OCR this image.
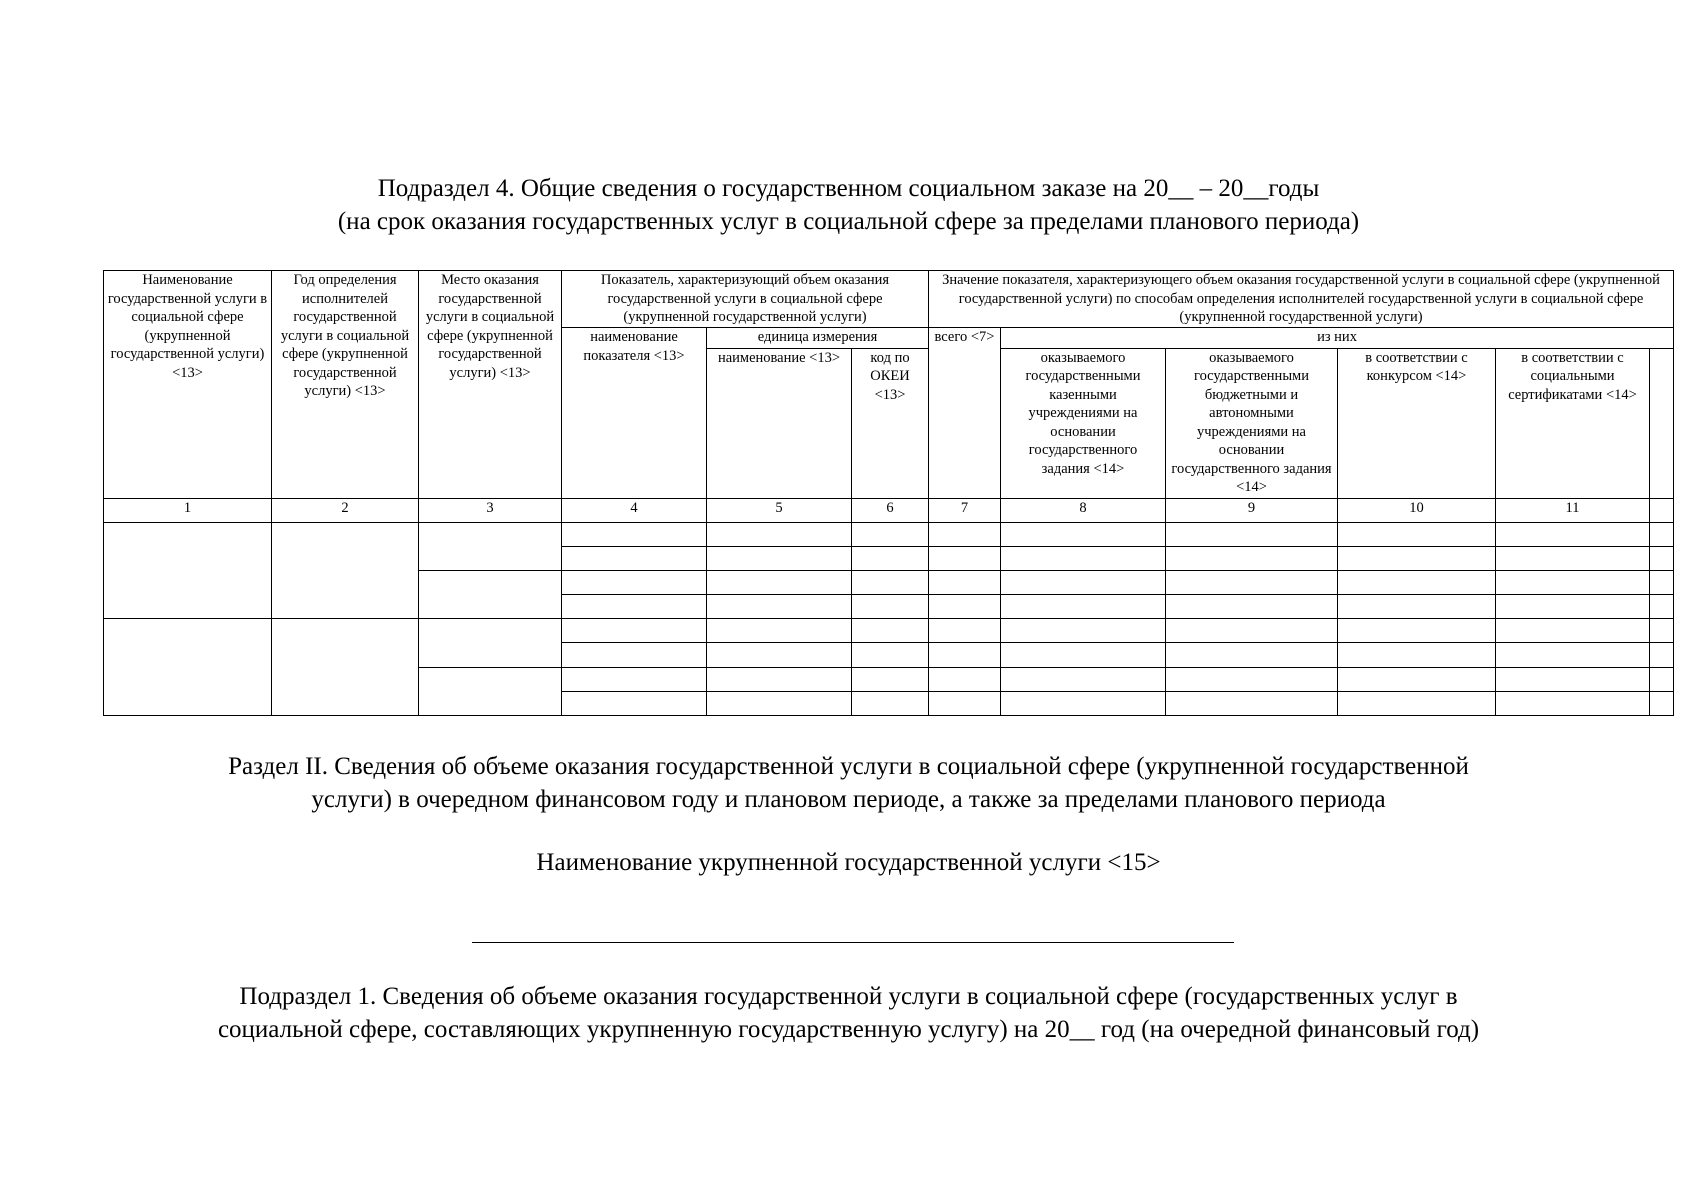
Подраздел 4. Общие сведения о государственном социальном заказе на 20__ – 20__годы
(на срок оказания государственных услуг в социальной сфере за пределами планового периода)
Наименование государственной услуги в социальной сфере (укрупненной государственной услуги) <13>	Год определения исполнителей государственной услуги в социальной сфере (укрупненной государственной услуги) <13>	Место оказания государственной услуги в социальной сфере (укрупненной государственной услуги) <13>	Показатель, характеризующий объем оказания государственной услуги в социальной сфере (укрупненной государственной услуги)			Значение показателя, характеризующего объем оказания государственной услуги в социальной сфере (укрупненной государственной услуги) по способам определения исполнителей государственной услуги в социальной сфере (укрупненной государственной услуги)					
			наименование показателя <13>	единица измерения		всего <7>	из них				
				наименование <13>	код по ОКЕИ <13>		оказываемого государственными казенными учреждениями на основании государственного задания <14>	оказываемого государственными бюджетными и автономными учреждениями на основании государственного задания <14>	в соответствии с конкурсом <14>	в соответствии с социальными сертификатами <14>	
1	2	3	4	5	6	7	8	9	10	11	

Раздел II. Сведения об объеме оказания государственной услуги в социальной сфере (укрупненной государственной
услуги) в очередном финансовом году и плановом периоде, а также за пределами планового периода
Наименование укрупненной государственной услуги <15>
Подраздел 1. Сведения об объеме оказания государственной услуги в социальной сфере (государственных услуг в
социальной сфере, составляющих укрупненную государственную услугу) на 20__ год (на очередной финансовый год)
